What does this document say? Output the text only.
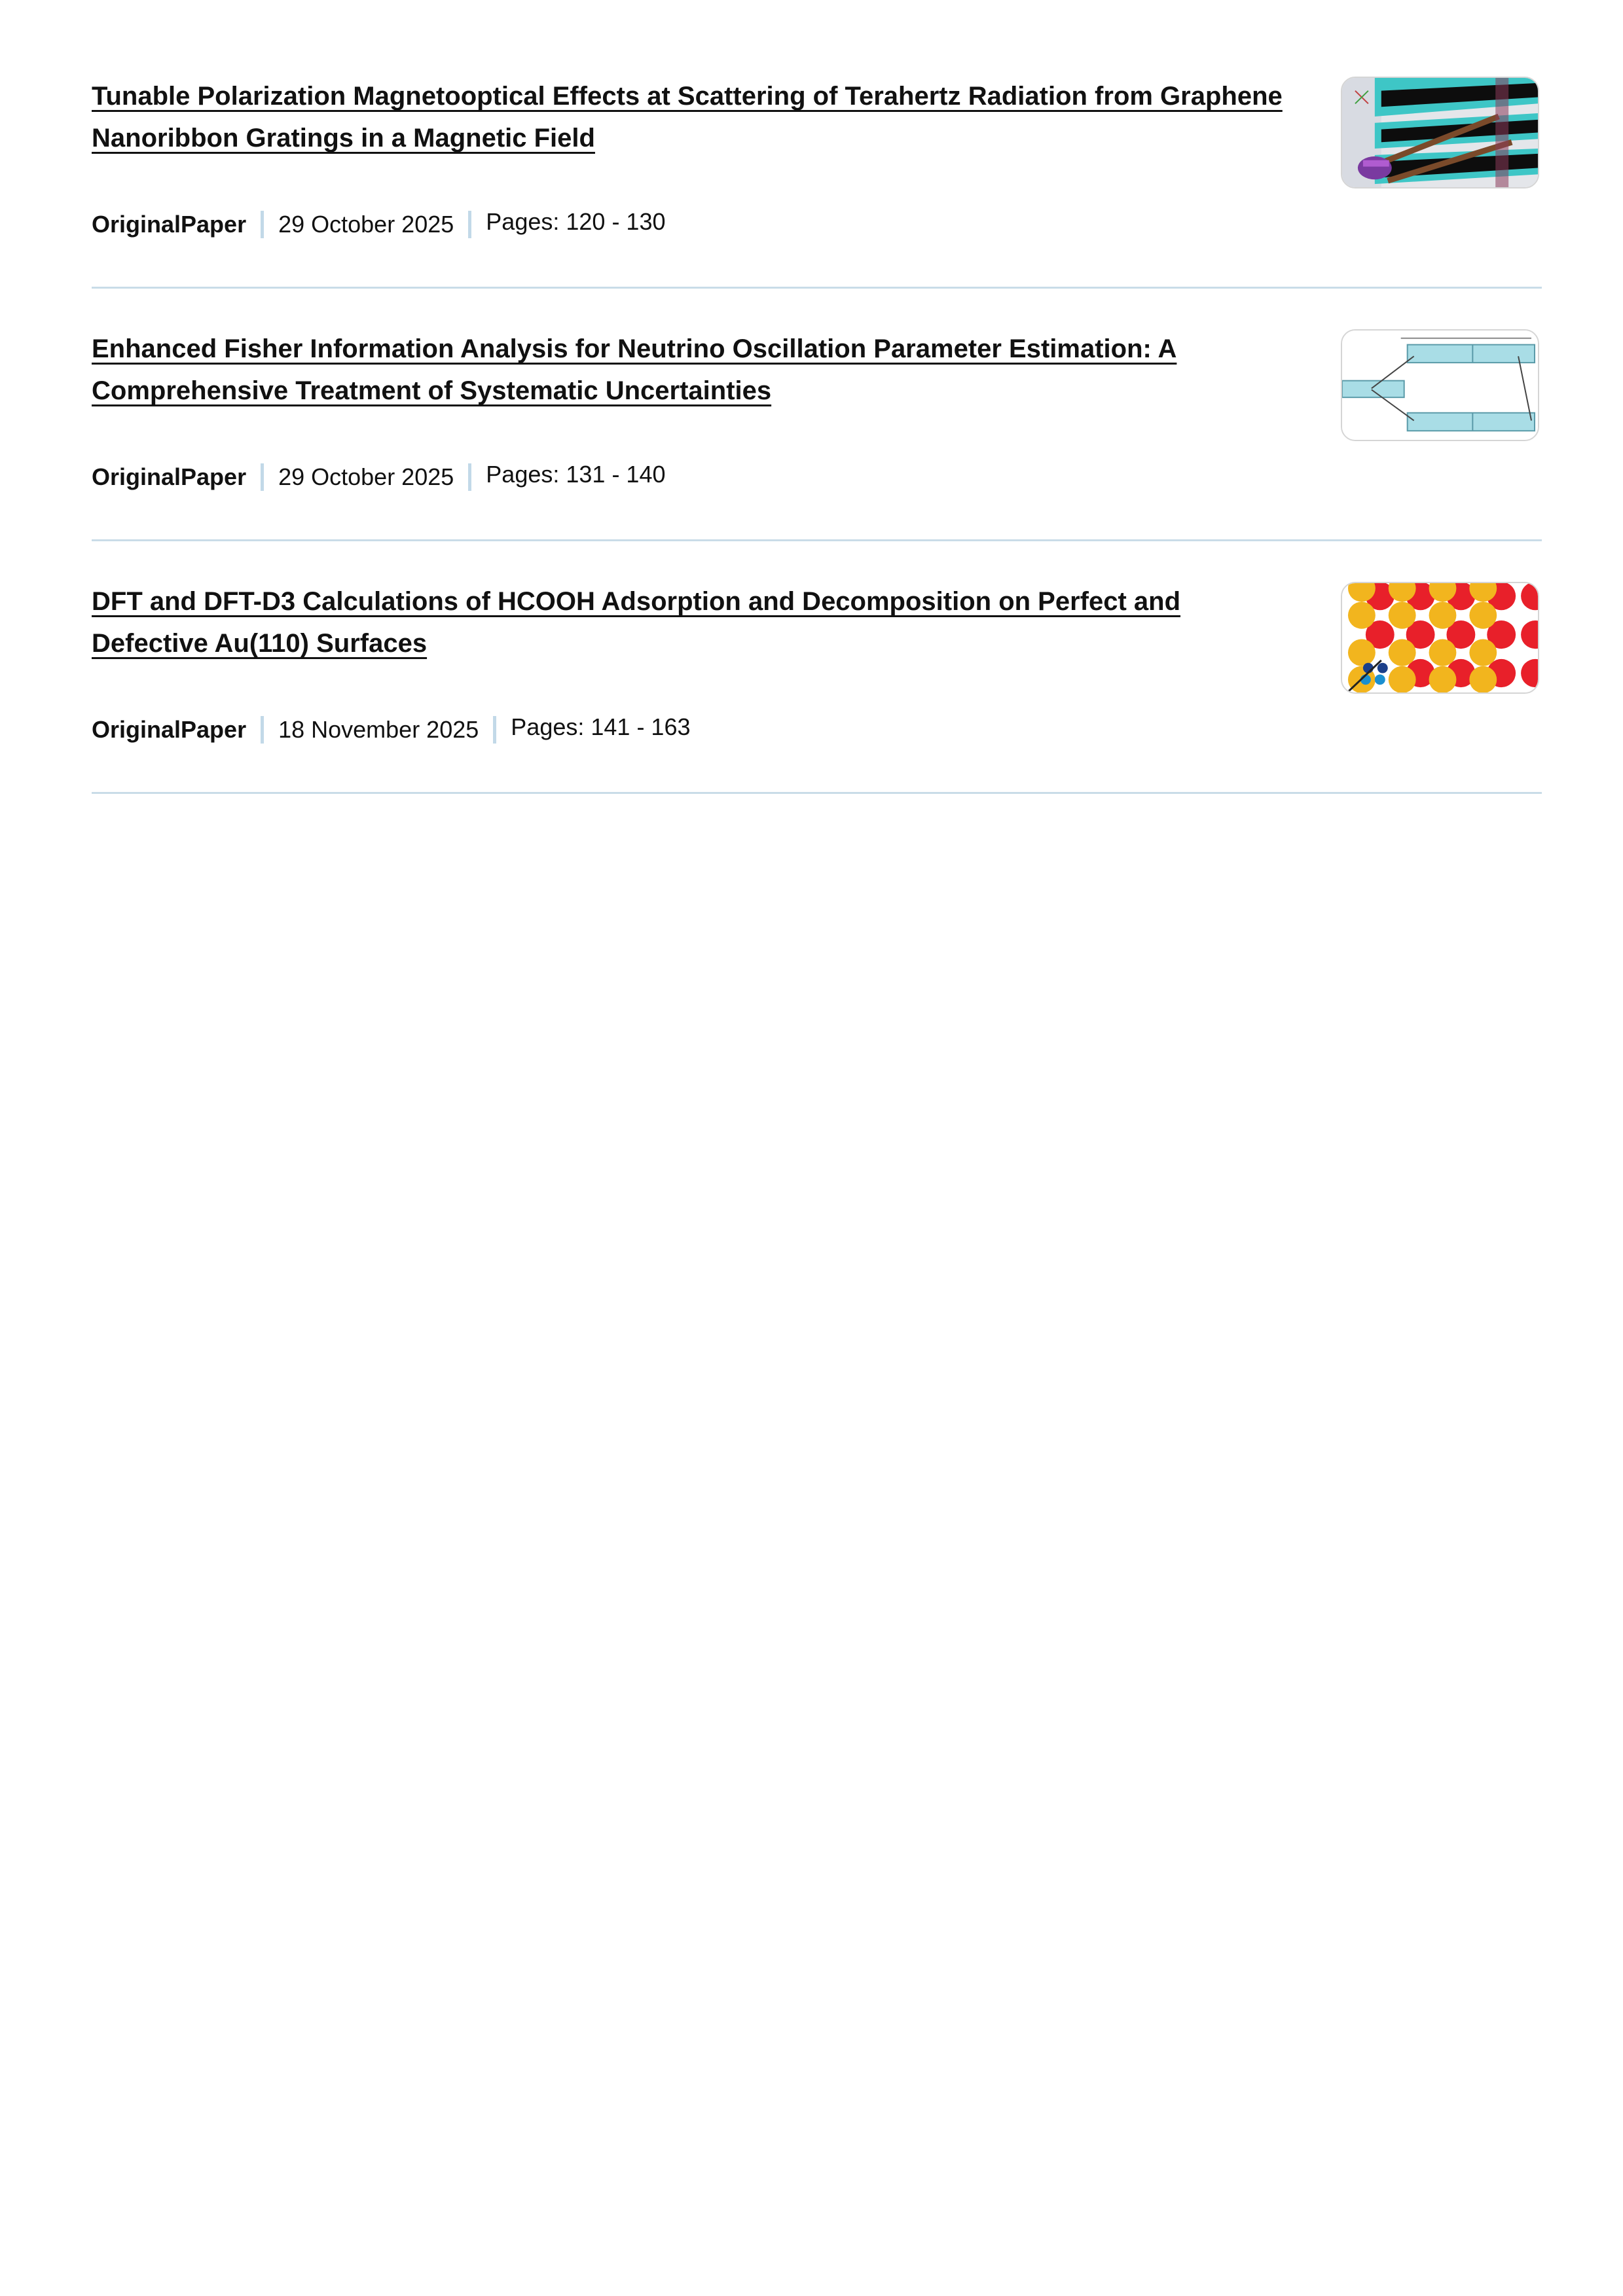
Tunable Polarization Magnetooptical Effects at Scattering of Terahertz Radiation from Graphene Nanoribbon Gratings in a Magnetic Field
OriginalPaper 29 October 2025 Pages: 120 - 130
Enhanced Fisher Information Analysis for Neutrino Oscillation Parameter Estimation: A Comprehensive Treatment of Systematic Uncertainties
OriginalPaper 29 October 2025 Pages: 131 - 140
DFT and DFT-D3 Calculations of HCOOH Adsorption and Decomposition on Perfect and Defective Au(110) Surfaces
OriginalPaper 18 November 2025 Pages: 141 - 163
